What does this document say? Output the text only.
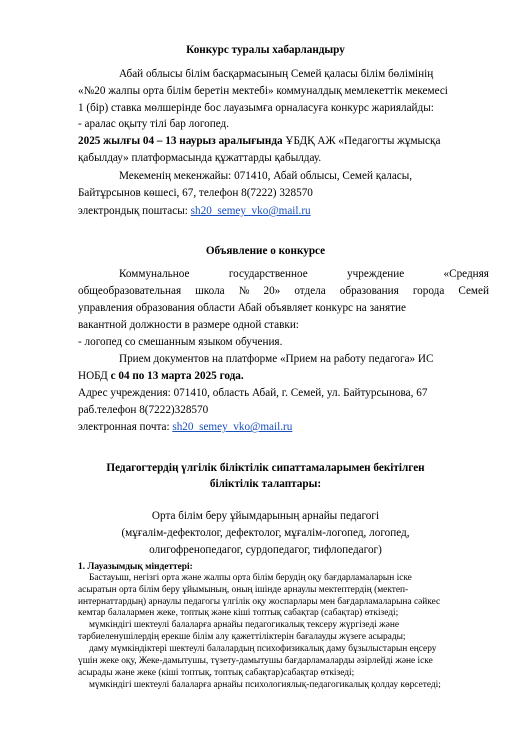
Конкурс туралы хабарландыру
Абай облысы білім басқармасының Семей қаласы білім бөлімінің
«№20 жалпы орта білім беретін мектебі» коммуналдық мемлекеттік мекемесі
1 (бір) ставка мөлшерінде бос лауазымға орналасуға конкурс жариялайды:
- аралас оқыту тілі бар логопед.
2025 жылғы 04 – 13 наурыз аралығында ҰБДҚ АЖ «Педагогты жұмысқа
қабылдау» платформасында құжаттарды қабылдау.
Мекеменің мекенжайы: 071410, Абай облысы, Семей қаласы,
Байтұрсынов көшесі, 67, телефон 8(7222) 328570
электрондық поштасы: sh20_semey_vko@mail.ru
Объявление о конкурсе
Коммунальное	государственное	учреждение	«Средняя
общеобразовательная школа № 20» отдела образования города Семей
управления образования области Абай объявляет конкурс на занятие
вакантной должности в размере одной ставки:
- логопед со смешанным языком обучения.
Прием документов на платформе «Прием на работу педагога» ИС
НОБД с 04 по 13 марта 2025 года.
Адрес учреждения: 071410, область Абай, г. Семей, ул. Байтурсынова, 67
раб.телефон 8(7222)328570
электронная почта: sh20_semey_vko@mail.ru
Педагогтердің үлгілік біліктілік сипаттамаларымен бекітілген
біліктілік талаптары:
Орта білім беру ұйымдарының арнайы педагогі
(мұғалім-дефектолог, дефектолог, мұғалім-логопед, логопед,
олигофренопедагог, сурдопедагог, тифлопедагог)
1. Лауазымдық міндеттері:
Бастауыш, негізгі орта және жалпы орта білім берудің оқу бағдарламаларын іске
асыратын орта білім беру ұйымының, оның ішінде арнаулы мектептердің (мектеп-
интернаттардың) арнаулы педагогы үлгілік оқу жоспарлары мен бағдарламаларына сәйкес
кемтар балалармен жеке, топтық және кіші топтық сабақтар (сабақтар) өткізеді;
мүмкіндігі шектеулі балаларға арнайы педагогикалық тексеру жүргізеді және
тәрбиеленушілердің ерекше білім алу қажеттіліктерін бағалауды жүзеге асырады;
даму мүмкіндіктері шектеулі балалардың психофизикалық даму бұзылыстарын еңсеру
үшін жеке оқу, Жеке-дамытушы, түзету-дамытушы бағдарламаларды әзірлейді және іске
асырады және жеке (кіші топтық, топтық сабақтар)сабақтар өткізеді;
мүмкіндігі шектеулі балаларға арнайы психологиялық-педагогикалық қолдау көрсетеді;
